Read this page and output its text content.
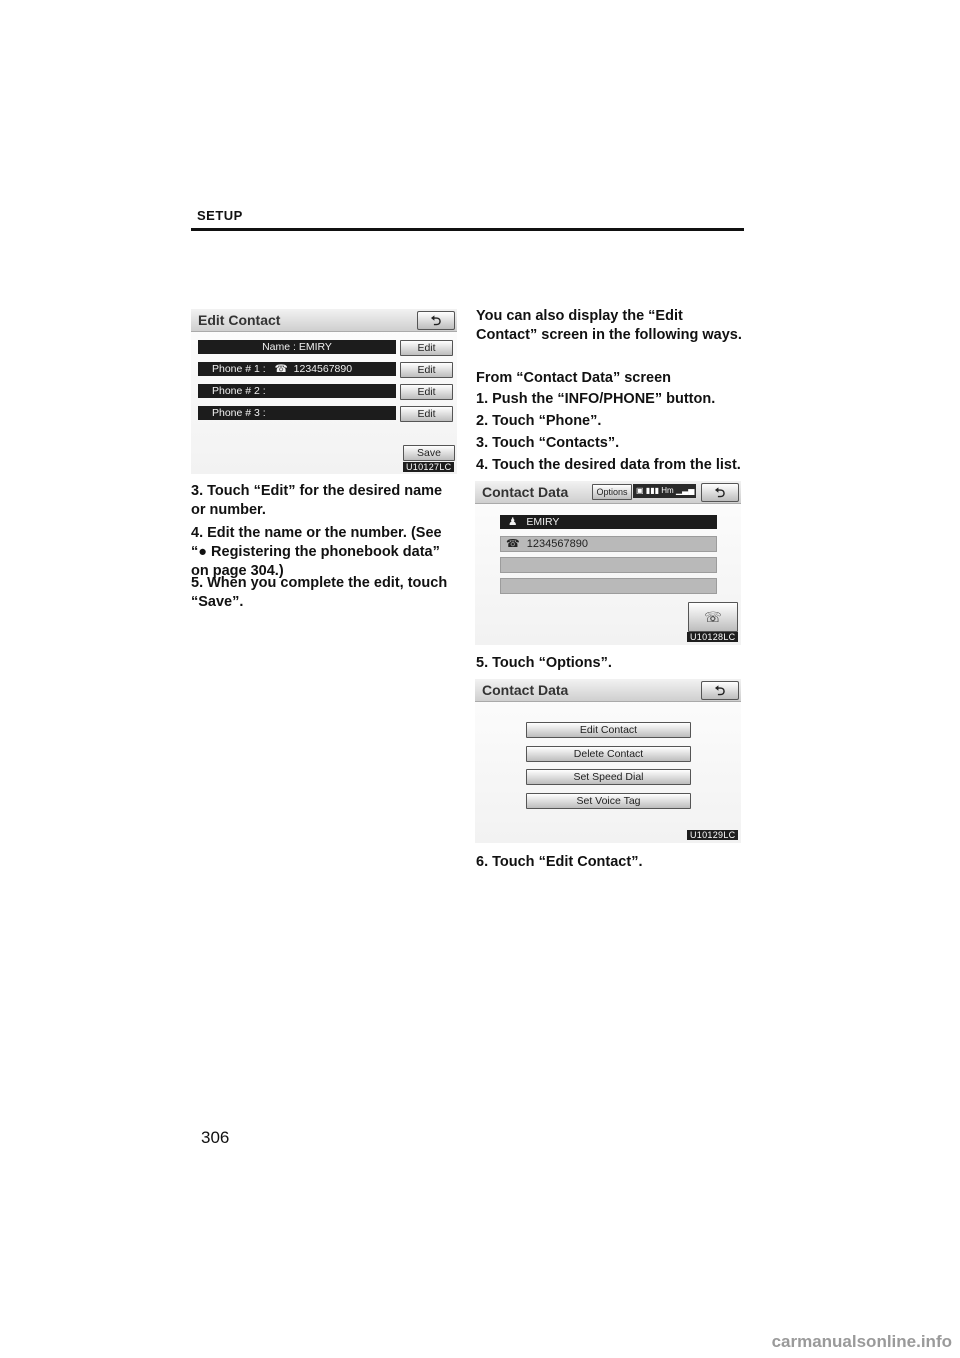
SETUP
Edit Contact	⮌
Name : EMIRY	Edit
Phone # 1 : ☎ 1234567890	Edit
Phone # 2 :	Edit
Phone # 3 :	Edit
Save
U10127LC
3. Touch “Edit” for the desired name or number.
4. Edit the name or the number. (See “● Registering the phonebook data” on page 304.)
5. When you complete the edit, touch “Save”.
You can also display the “Edit Contact” screen in the following ways.
From “Contact Data” screen
1. Push the “INFO/PHONE” button.
2. Touch “Phone”.
3. Touch “Contacts”.
4. Touch the desired data from the list.
Contact Data	Options	▣ ▮▮▮ Hm ▁▃▅	⮌
♟ EMIRY
☎ 1234567890
☏
U10128LC
5. Touch “Options”.
Contact Data	⮌
Edit Contact
Delete Contact
Set Speed Dial
Set Voice Tag
U10129LC
6. Touch “Edit Contact”.
306
carmanualsonline.info
